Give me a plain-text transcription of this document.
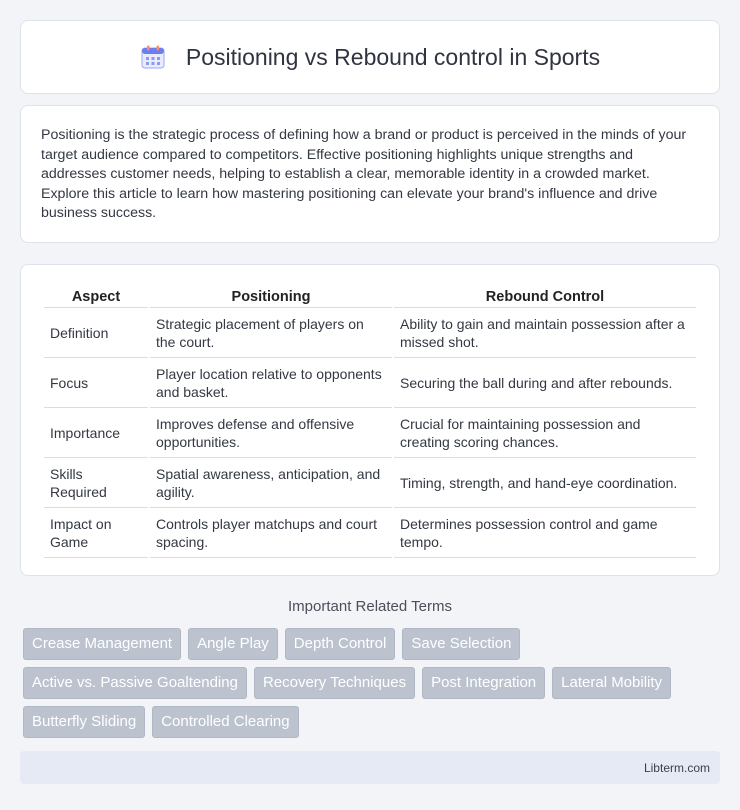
Positioning vs Rebound control in Sports

Positioning is the strategic process of defining how a brand or product is perceived in the minds of your target audience compared to competitors. Effective positioning highlights unique strengths and addresses customer needs, helping to establish a clear, memorable identity in a crowded market. Explore this article to learn how mastering positioning can elevate your brand's influence and drive business success.

Aspect	Positioning	Rebound Control
Definition	Strategic placement of players on the court.	Ability to gain and maintain possession after a missed shot.
Focus	Player location relative to opponents and basket.	Securing the ball during and after rebounds.
Importance	Improves defense and offensive opportunities.	Crucial for maintaining possession and creating scoring chances.
Skills Required	Spatial awareness, anticipation, and agility.	Timing, strength, and hand-eye coordination.
Impact on Game	Controls player matchups and court spacing.	Determines possession control and game tempo.
Important Related Terms
Crease Management	Angle Play	Depth Control	Save Selection
Active vs. Passive Goaltending	Recovery Techniques	Post Integration	Lateral Mobility
Butterfly Sliding	Controlled Clearing
Libterm.com
